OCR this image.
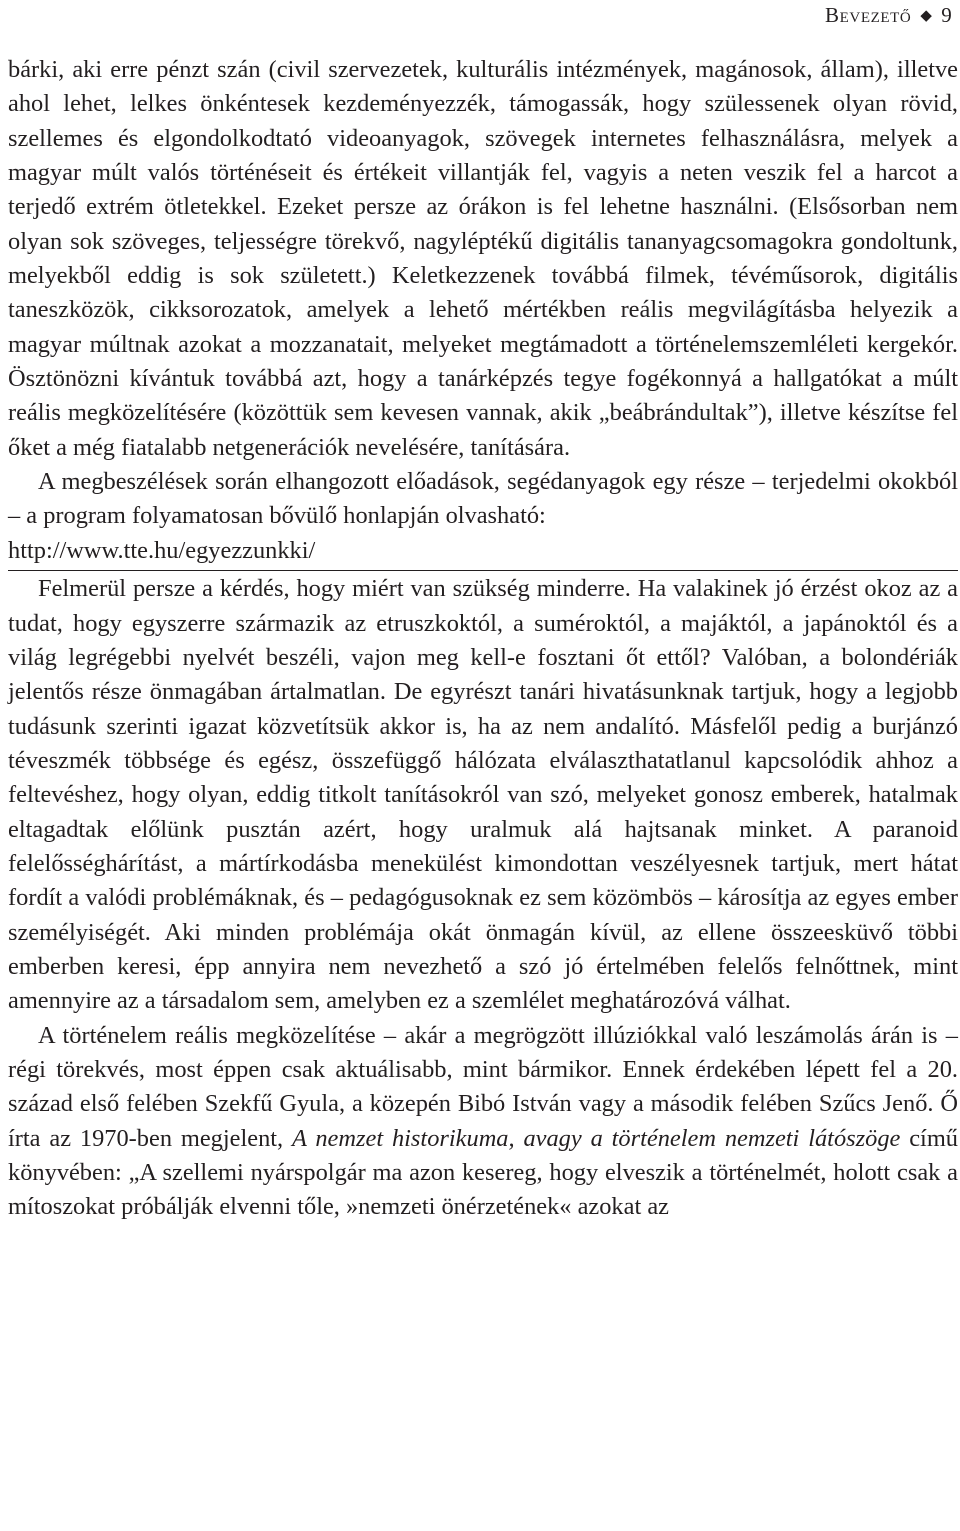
Bevezető ◆ 9

bárki, aki erre pénzt szán (civil szervezetek, kulturális intézmények, magánosok, állam), illetve ahol lehet, lelkes önkéntesek kezdeményezzék, támogassák, hogy szülessenek olyan rövid, szellemes és elgondolkodtató videoanyagok, szövegek internetes felhasználásra, melyek a magyar múlt valós történéseit és értékeit villantják fel, vagyis a neten veszik fel a harcot a terjedő extrém ötletekkel. Ezeket persze az órákon is fel lehetne használni. (Elsősorban nem olyan sok szöveges, teljességre törekvő, nagyléptékű digitális tananyagcsomagokra gondoltunk, melyekből eddig is sok született.) Keletkezzenek továbbá filmek, tévéműsorok, digitális taneszközök, cikksorozatok, amelyek a lehető mértékben reális megvilágításba helyezik a magyar múltnak azokat a mozzanatait, melyeket megtámadott a történelemszemléleti kergekór. Ösztönözni kívántuk továbbá azt, hogy a tanárképzés tegye fogékonnyá a hallgatókat a múlt reális megközelítésére (közöttük sem kevesen vannak, akik „beábrándultak”), illetve készítse fel őket a még fiatalabb netgenerációk nevelésére, tanítására.

A megbeszélések során elhangozott előadások, segédanyagok egy része – terjedelmi okokból – a program folyamatosan bővülő honlapján olvasható:

http://www.tte.hu/egyezzunkki/

Felmerül persze a kérdés, hogy miért van szükség minderre. Ha valakinek jó érzést okoz az a tudat, hogy egyszerre származik az etruszkoktól, a suméroktól, a majáktól, a japánoktól és a világ legrégebbi nyelvét beszéli, vajon meg kell-e fosztani őt ettől? Valóban, a bolondériák jelentős része önmagában ártalmatlan. De egyrészt tanári hivatásunknak tartjuk, hogy a legjobb tudásunk szerinti igazat közvetítsük akkor is, ha az nem andalító. Másfelől pedig a burjánzó téveszmék többsége és egész, összefüggő hálózata elválaszthatatlanul kapcsolódik ahhoz a feltevéshez, hogy olyan, eddig titkolt tanításokról van szó, melyeket gonosz emberek, hatalmak eltagadtak előlünk pusztán azért, hogy uralmuk alá hajtsanak minket. A paranoid felelősséghárítást, a mártírkodásba menekülést kimondottan veszélyesnek tartjuk, mert hátat fordít a valódi problémáknak, és – pedagógusoknak ez sem közömbös – károsítja az egyes ember személyiségét. Aki minden problémája okát önmagán kívül, az ellene összeesküvő többi emberben keresi, épp annyira nem nevezhető a szó jó értelmében felelős felnőttnek, mint amennyire az a társadalom sem, amelyben ez a szemlélet meghatározóvá válhat.

A történelem reális megközelítése – akár a megrögzött illúziókkal való leszámolás árán is – régi törekvés, most éppen csak aktuálisabb, mint bármikor. Ennek érdekében lépett fel a 20. század első felében Szekfű Gyula, a közepén Bibó István vagy a második felében Szűcs Jenő. Ő írta az 1970-ben megjelent, A nemzet historikuma, avagy a történelem nemzeti látószöge című könyvében: „A szellemi nyárspolgár ma azon kesereg, hogy elveszik a történelmét, holott csak a mítoszokat próbálják elvenni tőle, »nemzeti önérzetének« azokat az
